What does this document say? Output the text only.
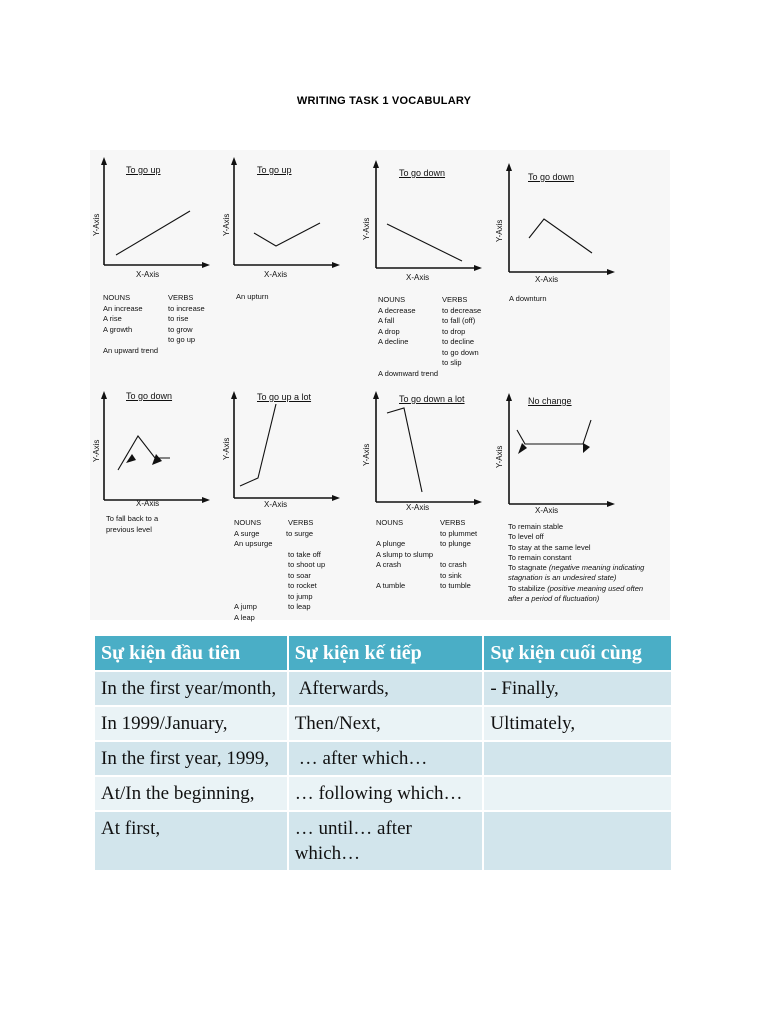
WRITING TASK 1 VOCABULARY
To go up
Y-Axis
X-Axis
NOUNS
An increase
A rise
A growth
VERBS
to increase
to rise
to grow
to go up
An upward trend
To go up
Y-Axis
X-Axis
An upturn
To go down
Y-Axis
X-Axis
NOUNS
A decrease
A fall
A drop
A decline
VERBS
to decrease
to fall (off)
to drop
to decline
to go down
to slip
A downward trend
To go down
Y-Axis
X-Axis
A downturn
To go down
Y-Axis
X-Axis
To fall back to a
previous level
To go up a lot
Y-Axis
X-Axis
NOUNS
A surge
An upsurge
A jump
A leap
VERBS
to surge
to take off
to shoot up
to soar
to rocket
to jump
to leap
To go down a lot
Y-Axis
X-Axis
NOUNS
A plunge
A slump to slump
A crash
A tumble
VERBS
to plummet
to plunge
to crash
to sink
to tumble
No change
Y-Axis
X-Axis
To remain stable
To level off
To stay at the same level
To remain constant
To stagnate (negative meaning indicating
stagnation is an undesired state)
To stabilize (positive meaning used often
after a period of fluctuation)
Sự kiện đầu tiên	Sự kiện kế tiếp	Sự kiện cuối cùng
In the first year/month,	Afterwards,	- Finally,
In 1999/January,	Then/Next,	Ultimately,
In the first year, 1999,	… after which…	
At/In the beginning,	… following which…	
At first,	… until… after which…	
